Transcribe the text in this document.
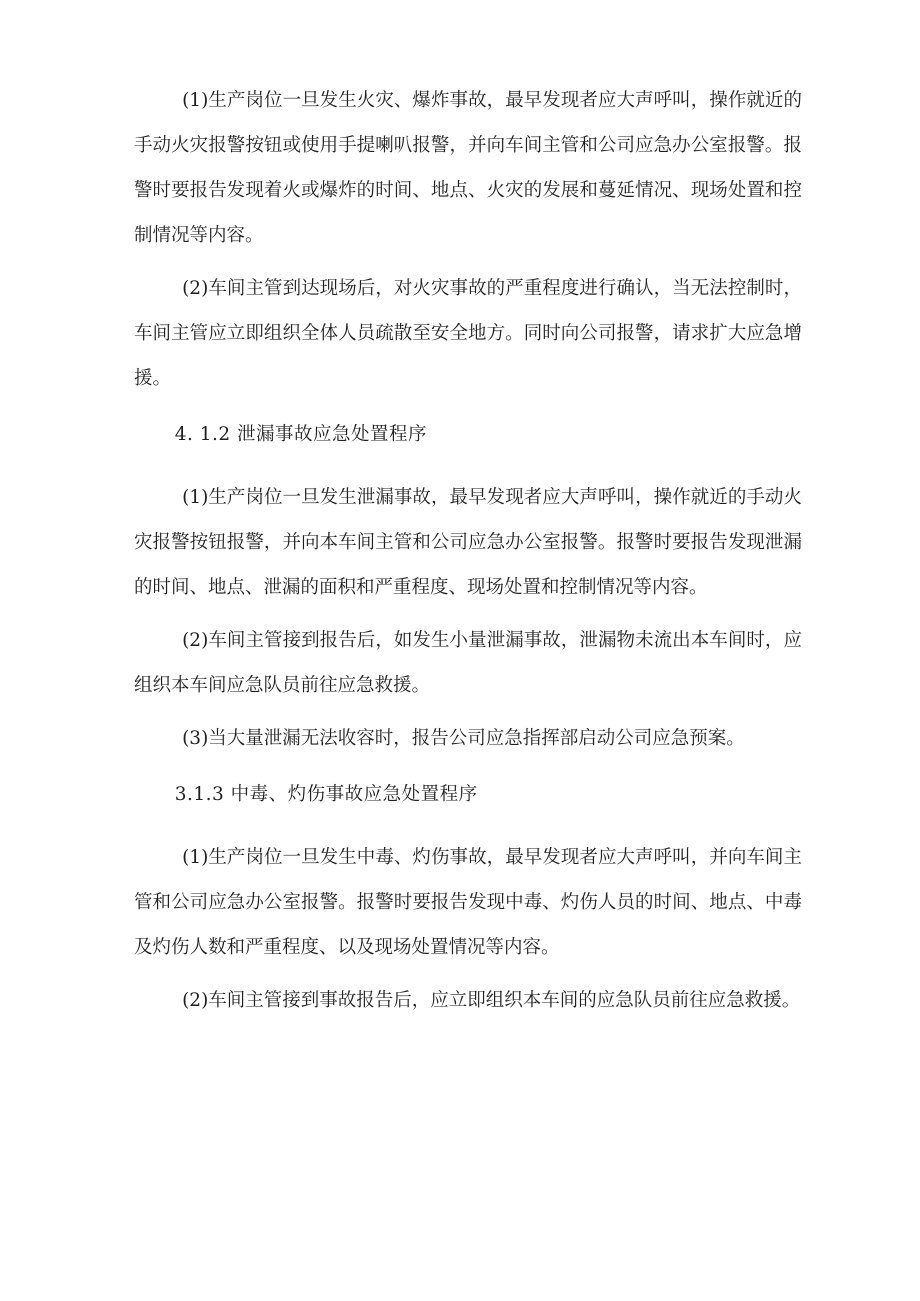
(1)生产岗位一旦发生火灾、爆炸事故，最早发现者应大声呼叫，操作就近的手动火灾报警按钮或使用手提喇叭报警，并向车间主管和公司应急办公室报警。报警时要报告发现着火或爆炸的时间、地点、火灾的发展和蔓延情况、现场处置和控制情况等内容。

(2)车间主管到达现场后，对火灾事故的严重程度进行确认，当无法控制时，车间主管应立即组织全体人员疏散至安全地方。同时向公司报警，请求扩大应急增援。

4. 1.2 泄漏事故应急处置程序

(1)生产岗位一旦发生泄漏事故，最早发现者应大声呼叫，操作就近的手动火灾报警按钮报警，并向本车间主管和公司应急办公室报警。报警时要报告发现泄漏的时间、地点、泄漏的面积和严重程度、现场处置和控制情况等内容。

(2)车间主管接到报告后，如发生小量泄漏事故，泄漏物未流出本车间时，应组织本车间应急队员前往应急救援。

(3)当大量泄漏无法收容时，报告公司应急指挥部启动公司应急预案。

3.1.3 中毒、灼伤事故应急处置程序

(1)生产岗位一旦发生中毒、灼伤事故，最早发现者应大声呼叫，并向车间主管和公司应急办公室报警。报警时要报告发现中毒、灼伤人员的时间、地点、中毒及灼伤人数和严重程度、以及现场处置情况等内容。

(2)车间主管接到事故报告后，应立即组织本车间的应急队员前往应急救援。
